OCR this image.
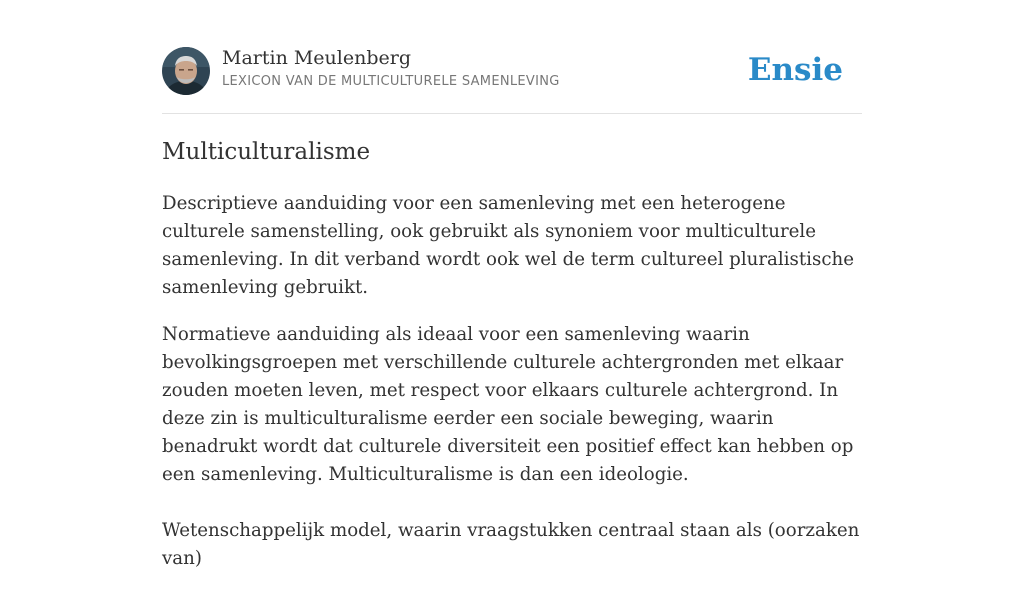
Martin Meulenberg
LEXICON VAN DE MULTICULTURELE SAMENLEVING	Ensie
Multiculturalisme

Descriptieve aanduiding voor een samenleving met een heterogene culturele samenstelling, ook gebruikt als synoniem voor multiculturele samenleving. In dit verband wordt ook wel de term cultureel pluralistische samenleving gebruikt.

Normatieve aanduiding als ideaal voor een samenleving waarin bevolkingsgroepen met verschillende culturele achtergronden met elkaar zouden moeten leven, met respect voor elkaars culturele achtergrond. In deze zin is multiculturalisme eerder een sociale beweging, waarin benadrukt wordt dat culturele diversiteit een positief effect kan hebben op een samenleving. Multiculturalisme is dan een ideologie.

Wetenschappelijk model, waarin vraagstukken centraal staan als (oorzaken van)
